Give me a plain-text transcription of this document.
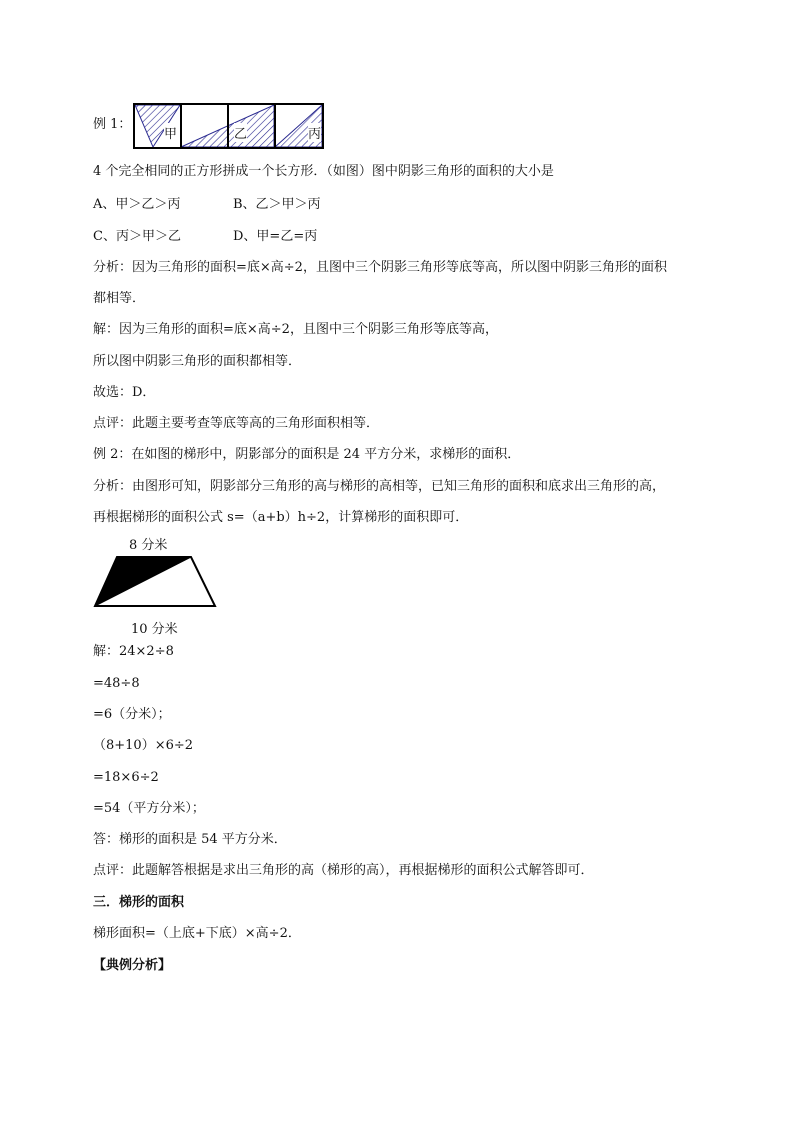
例 1：
甲	乙	丙
4 个完全相同的正方形拼成一个长方形．（如图）图中阴影三角形的面积的大小是
A、甲＞乙＞丙	B、乙＞甲＞丙
C、丙＞甲＞乙	D、甲=乙=丙
分析：因为三角形的面积=底×高÷2，且图中三个阴影三角形等底等高，所以图中阴影三角形的面积
都相等．
解：因为三角形的面积=底×高÷2，且图中三个阴影三角形等底等高，
所以图中阴影三角形的面积都相等．
故选：D．
点评：此题主要考查等底等高的三角形面积相等．
例 2：在如图的梯形中，阴影部分的面积是 24 平方分米，求梯形的面积．
分析：由图形可知，阴影部分三角形的高与梯形的高相等，已知三角形的面积和底求出三角形的高，
再根据梯形的面积公式 s=（a+b）h÷2，计算梯形的面积即可．
8 分米
10 分米
解：24×2÷8
=48÷8
=6（分米）；
（8+10）×6÷2
=18×6÷2
=54（平方分米）；
答：梯形的面积是 54 平方分米．
点评：此题解答根据是求出三角形的高（梯形的高），再根据梯形的面积公式解答即可．
三．梯形的面积
梯形面积=（上底+下底）×高÷2．
【典例分析】
